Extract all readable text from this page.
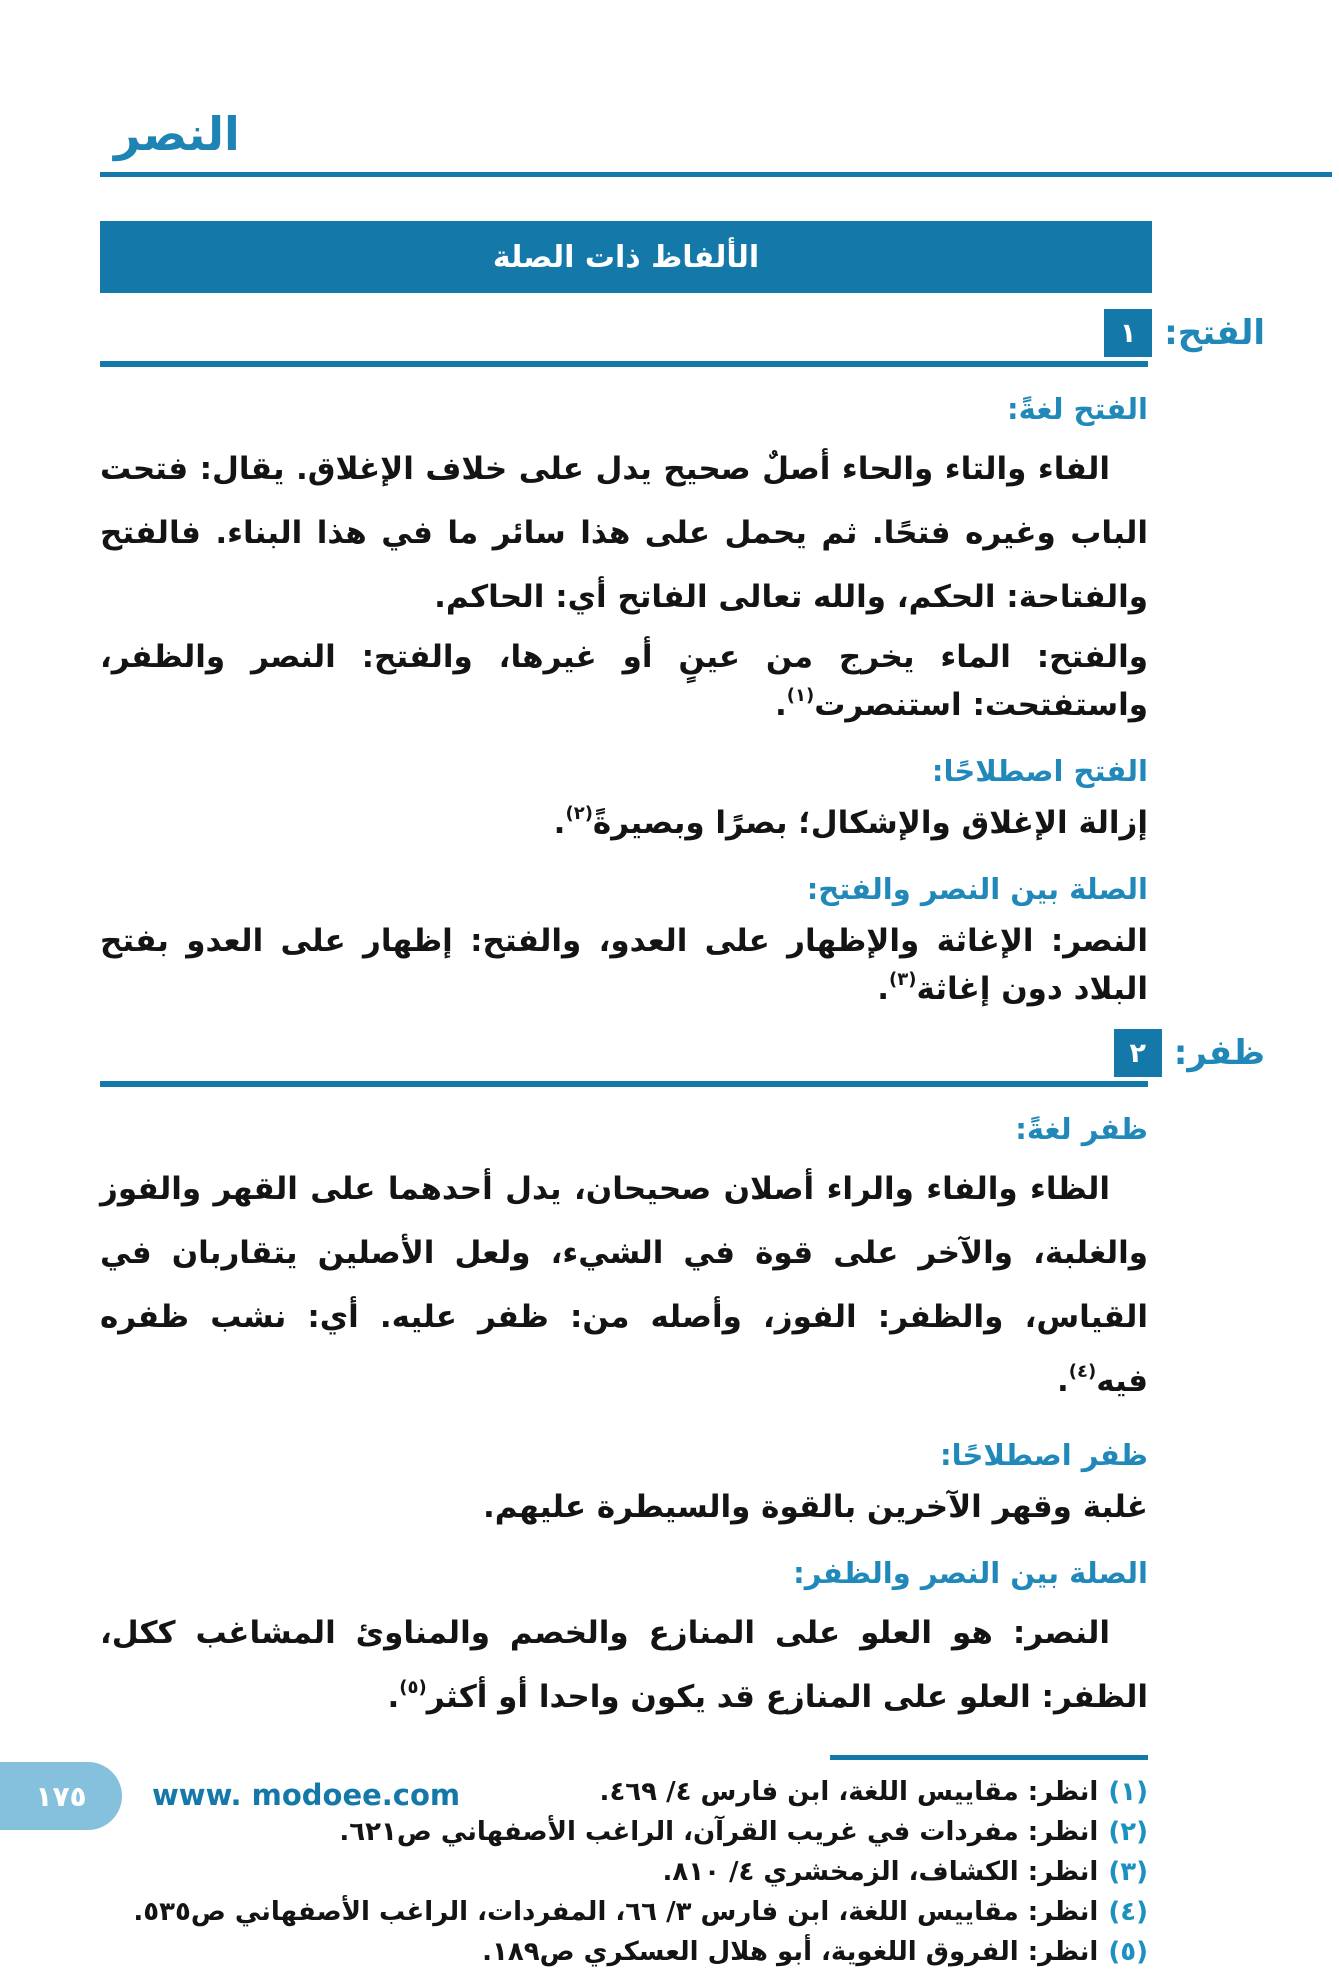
النصر
الألفاظ ذات الصلة
الفتح:
١
الفتح لغةً:

الفاء والتاء والحاء أصلٌ صحيح يدل على خلاف الإغلاق. يقال: فتحت الباب وغيره فتحًا. ثم يحمل على هذا سائر ما في هذا البناء. فالفتح والفتاحة: الحكم، والله تعالى الفاتح أي: الحاكم.

والفتح: الماء يخرج من عينٍ أو غيرها، والفتح: النصر والظفر، واستفتحت: استنصرت$^{(١)}$.

الفتح اصطلاحًا:

إزالة الإغلاق والإشكال؛ بصرًا وبصيرةً$^{(٢)}$.

الصلة بين النصر والفتح:

النصر: الإغاثة والإظهار على العدو، والفتح: إظهار على العدو بفتح البلاد دون إغاثة$^{(٣)}$.

ظفر:
٢
ظفر لغةً:

الظاء والفاء والراء أصلان صحيحان، يدل أحدهما على القهر والفوز والغلبة، والآخر على قوة في الشيء، ولعل الأصلين يتقاربان في القياس، والظفر: الفوز، وأصله من: ظفر عليه. أي: نشب ظفره فيه$^{(٤)}$.

ظفر اصطلاحًا:

غلبة وقهر الآخرين بالقوة والسيطرة عليهم.

الصلة بين النصر والظفر:

النصر: هو العلو على المنازع والخصم والمناوئ المشاغب ككل، الظفر: العلو على المنازع قد يكون واحدا أو أكثر$^{(٥)}$.

(١)
انظر: مقاييس اللغة، ابن فارس ٤/ ٤٦٩.
(٢)
انظر: مفردات في غريب القرآن، الراغب الأصفهاني ص٦٢١.
(٣)
انظر: الكشاف، الزمخشري ٤/ ٨١٠.
(٤)
انظر: مقاييس اللغة، ابن فارس ٣/ ٦٦، المفردات، الراغب الأصفهاني ص٥٣٥.
(٥)
انظر: الفروق اللغوية، أبو هلال العسكري ص١٨٩.
١٧٥ www. modoee.com
